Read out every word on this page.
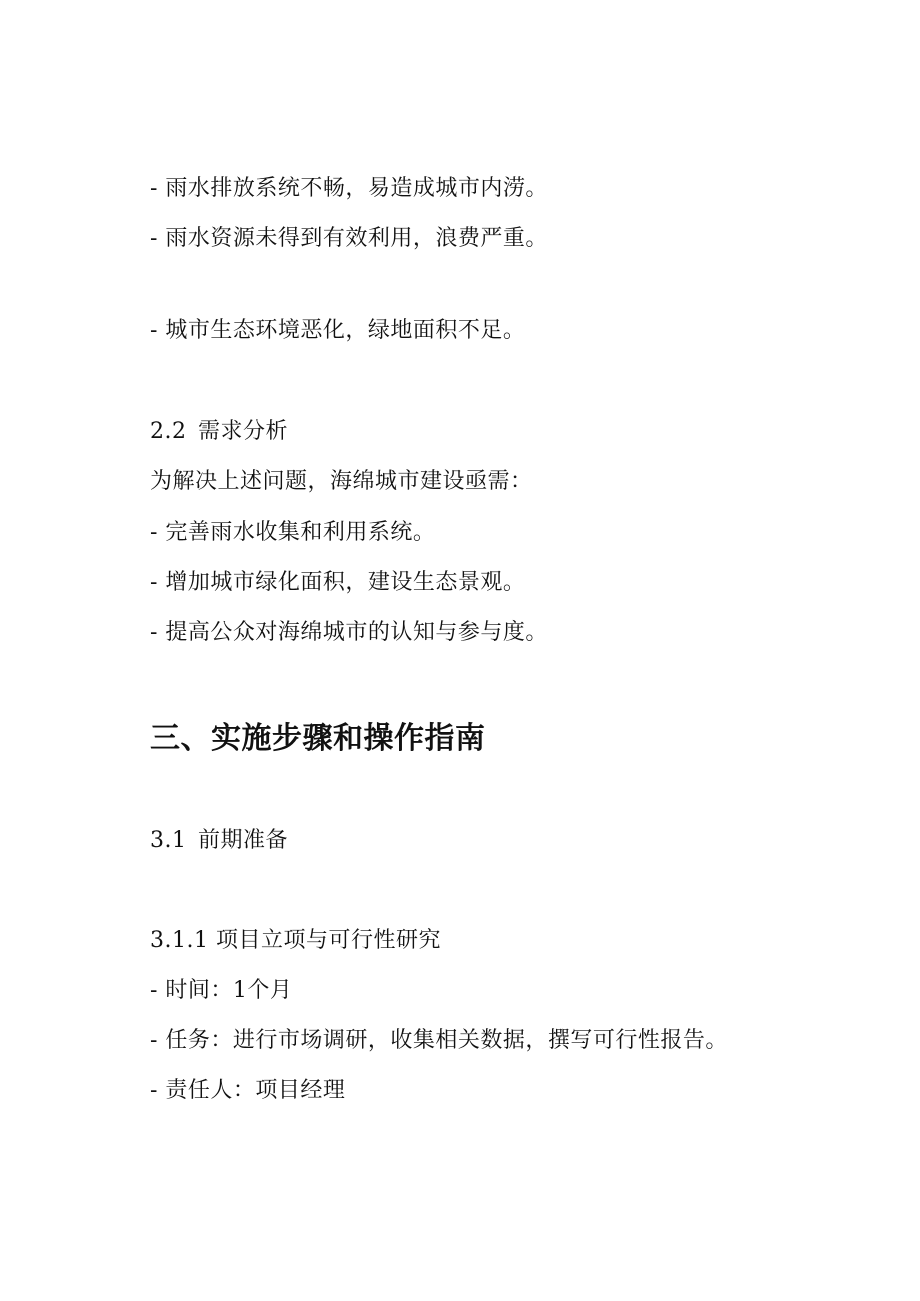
- 雨水排放系统不畅，易造成城市内涝。
- 雨水资源未得到有效利用，浪费严重。
- 城市生态环境恶化，绿地面积不足。
2.2 需求分析
为解决上述问题，海绵城市建设亟需：
- 完善雨水收集和利用系统。
- 增加城市绿化面积，建设生态景观。
- 提高公众对海绵城市的认知与参与度。
三、实施步骤和操作指南
3.1 前期准备
3.1.1 项目立项与可行性研究
- 时间：1个月
- 任务：进行市场调研，收集相关数据，撰写可行性报告。
- 责任人：项目经理
